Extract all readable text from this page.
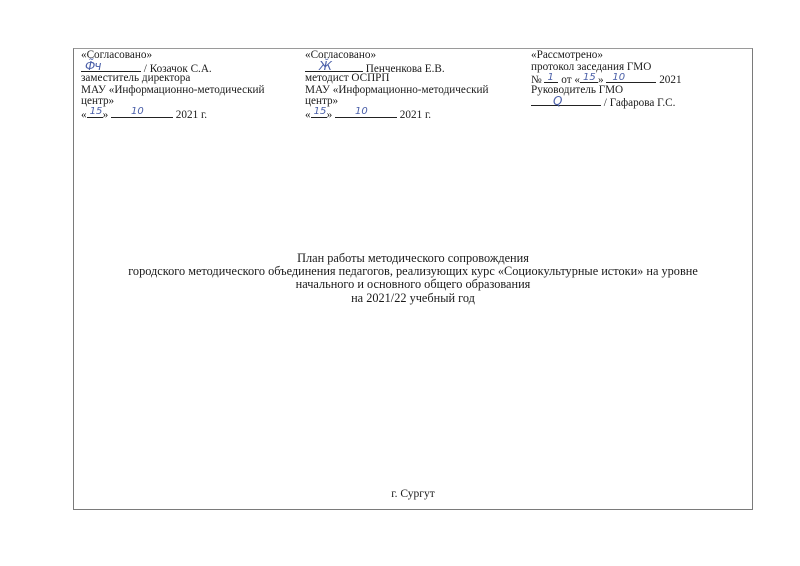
«Согласовано»
Ф̃ч	/ Козачок С.А.
заместитель директора
МАУ «Информационно-методический
центр»
« 15 » 10	2021 г.
«Согласовано»
Ӂ	Пенченкова Е.В.
методист ОСПРП
МАУ «Информационно-методический
центр»
« 15 » 10	2021 г.
«Рассмотрено»
протокол заседания ГМО
№ 1 от « 15 » 10	2021
Руководитель ГМО
Q	/ Гафарова Г.С.
План работы методического сопровождения
городского методического объединения педагогов, реализующих курс «Социокультурные истоки» на уровне
начального и основного общего образования
на 2021/22 учебный год
г. Сургут
